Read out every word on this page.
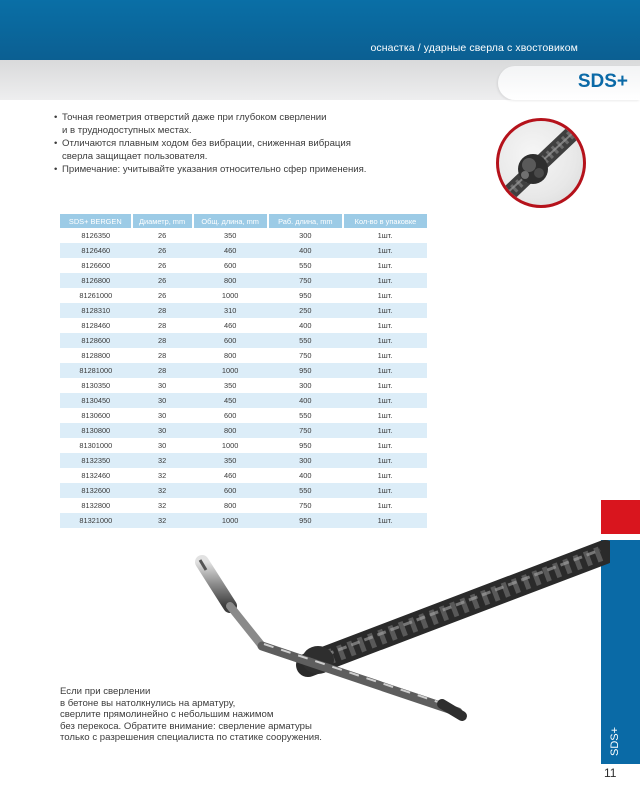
оснастка / ударные сверла с хвостовиком
SDS+
• Точная геометрия отверстий даже при глубоком сверлении
и в труднодоступных местах.
• Отличаются плавным ходом без вибрации, сниженная вибрация
сверла защищает пользователя.
• Примечание: учитывайте указания относительно сфер применения.
SDS+ BERGEN	Диаметр, mm	Общ. длина, mm	Раб. длина, mm	Кол-во в упаковке
8126350	26	350	300	1шт.
8126460	26	460	400	1шт.
8126600	26	600	550	1шт.
8126800	26	800	750	1шт.
81261000	26	1000	950	1шт.
8128310	28	310	250	1шт.
8128460	28	460	400	1шт.
8128600	28	600	550	1шт.
8128800	28	800	750	1шт.
81281000	28	1000	950	1шт.
8130350	30	350	300	1шт.
8130450	30	450	400	1шт.
8130600	30	600	550	1шт.
8130800	30	800	750	1шт.
81301000	30	1000	950	1шт.
8132350	32	350	300	1шт.
8132460	32	460	400	1шт.
8132600	32	600	550	1шт.
8132800	32	800	750	1шт.
81321000	32	1000	950	1шт.
SDS+
11
Если при сверлении
в бетоне вы натолкнулись на арматуру,
сверлите прямолинейно с небольшим нажимом
без перекоса. Обратите внимание: сверление арматуры
только с разрешения специалиста по статике сооружения.
